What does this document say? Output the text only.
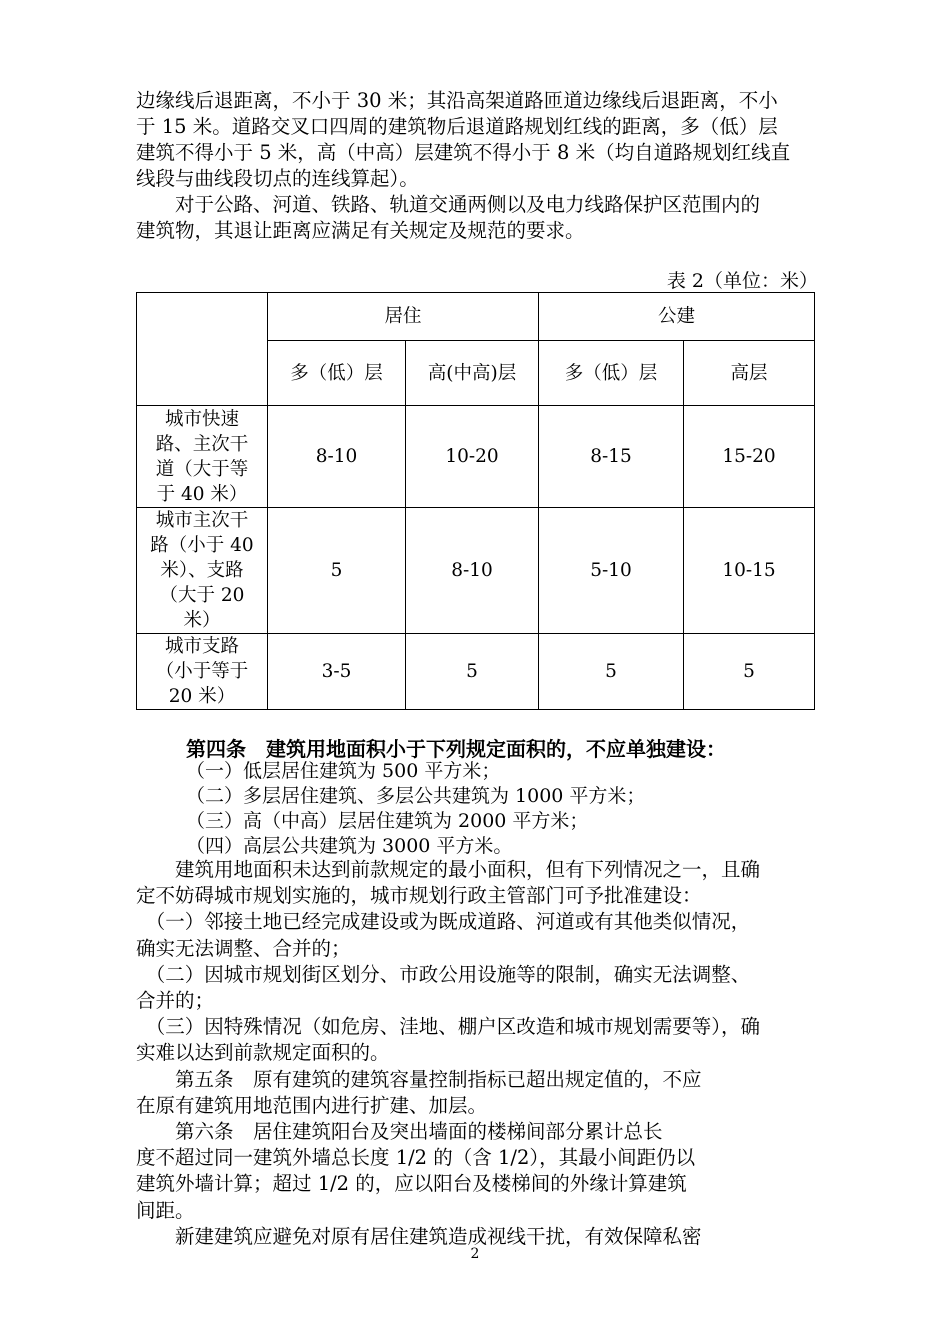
边缘线后退距离，不小于 30 米；其沿高架道路匝道边缘线后退距离，不小
于 15 米。道路交叉口四周的建筑物后退道路规划红线的距离，多（低）层
建筑不得小于 5 米，高（中高）层建筑不得小于 8 米（均自道路规划红线直
线段与曲线段切点的连线算起）。
　　对于公路、河道、铁路、轨道交通两侧以及电力线路保护区范围内的
建筑物，其退让距离应满足有关规定及规范的要求。
表 2（单位：米）
	居住		公建	
	多（低）层	高(中高)层	多（低）层	高层

城市快速
路、主次干
道（大于等
于 40 米）	8-10	10-20	8-15	15-20

城市主次干
路（小于 40
米）、支路
（大于 20
米）	5	8-10	5-10	10-15

城市支路
（小于等于
20 米）	3-5	5	5	5
第四条　建筑用地面积小于下列规定面积的，不应单独建设：
（一）低层居住建筑为 500 平方米；
（二）多层居住建筑、多层公共建筑为 1000 平方米；
（三）高（中高）层居住建筑为 2000 平方米；
（四）高层公共建筑为 3000 平方米。
　　建筑用地面积未达到前款规定的最小面积，但有下列情况之一，且确
定不妨碍城市规划实施的，城市规划行政主管部门可予批准建设：
　（一）邻接土地已经完成建设或为既成道路、河道或有其他类似情况，
确实无法调整、合并的；
　（二）因城市规划街区划分、市政公用设施等的限制，确实无法调整、
合并的；
　（三）因特殊情况（如危房、洼地、棚户区改造和城市规划需要等），确
实难以达到前款规定面积的。
　　第五条　原有建筑的建筑容量控制指标已超出规定值的，不应
在原有建筑用地范围内进行扩建、加层。
　　第六条　居住建筑阳台及突出墙面的楼梯间部分累计总长
度不超过同一建筑外墙总长度 1/2 的（含 1/2），其最小间距仍以
建筑外墙计算；超过 1/2 的，应以阳台及楼梯间的外缘计算建筑
间距。
　　新建建筑应避免对原有居住建筑造成视线干扰，有效保障私密
2
